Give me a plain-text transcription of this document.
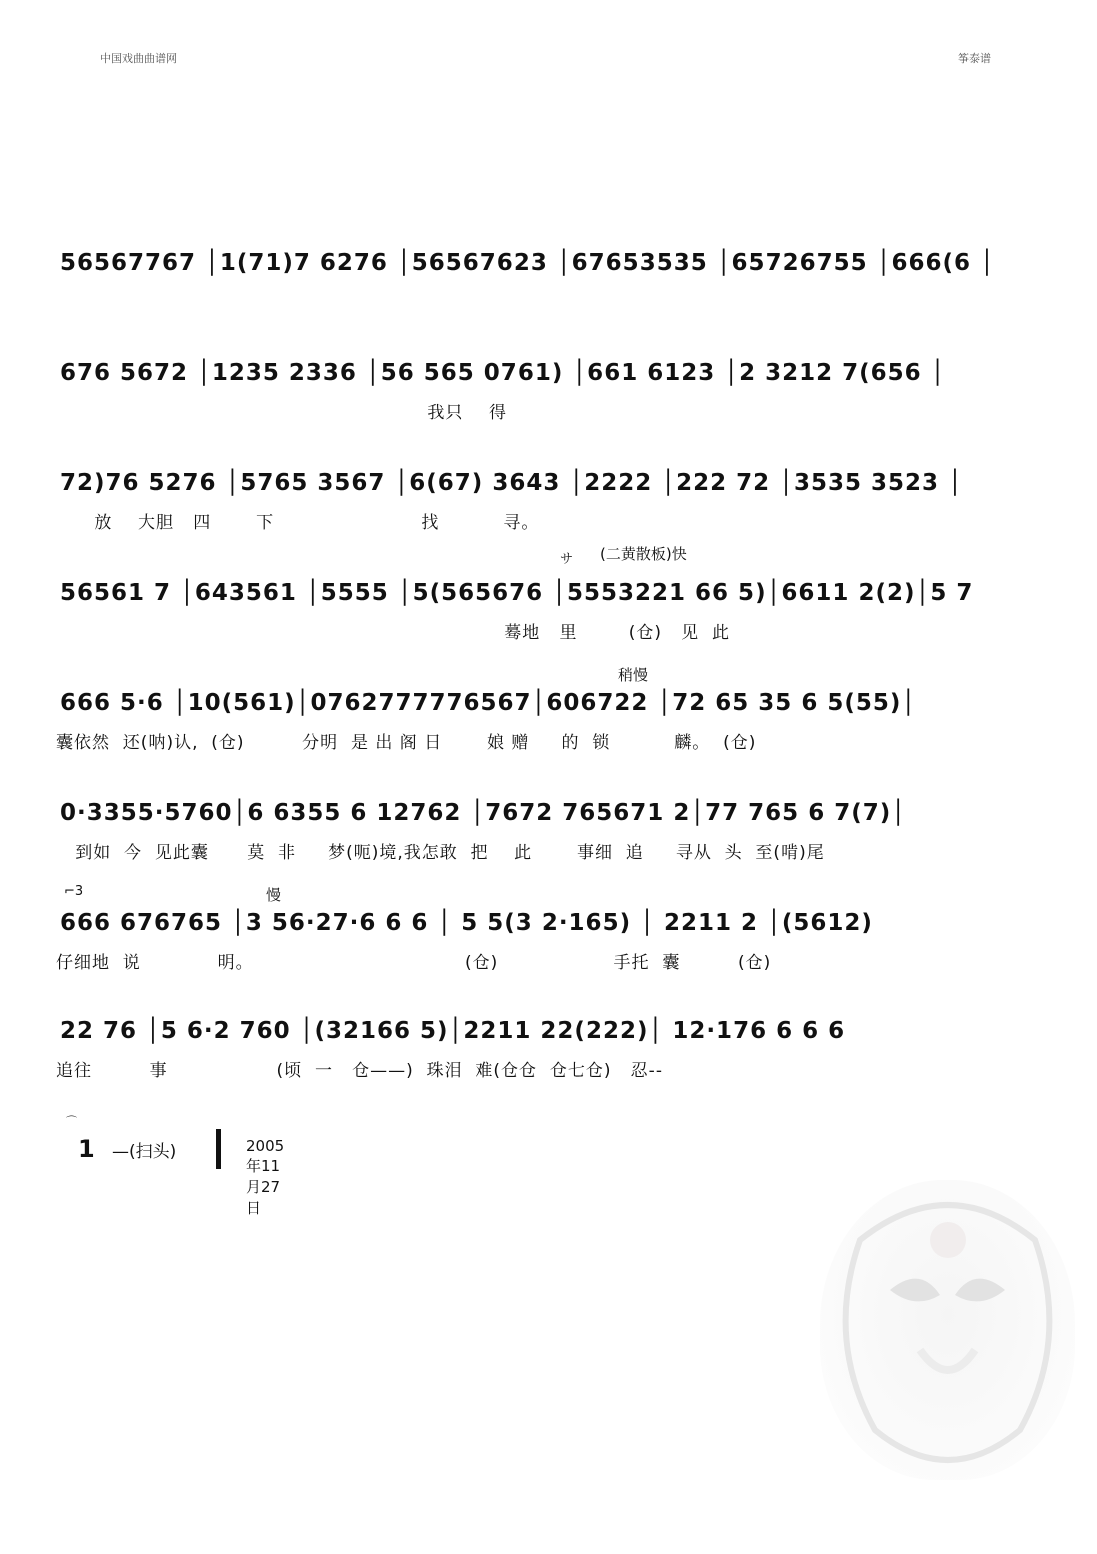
中国戏曲曲谱网	筝泰谱
56567767 │1(71)7 6276 │56567623 │67653535 │65726755 │666(6 │
676 5672 │1235 2336 │56 565 0761) │661 6123 │2 3212 7(656 │
我只    得
72)76 5276 │5765 3567 │6(67) 3643 │2222 │222 72 │3535 3523 │
放    大胆   四       下                       找          寻。
56561 7 │643561 │5555 │5(565676 │5553221 66 5)│6611 2(2)│5 7
蓦地   里        (仓)   见  此
666 5·6 │10(561)│0762777776567│606722 │72 65 35 6 5(55)│
囊依然  还(呐)认,  (仓)         分明  是 出 阁 日       娘 赠     的  锁          麟。  (仓)
0·3355·5760│6 6355 6 12762 │7672 765671 2│77 765 6 7(7)│
到如  今  见此囊      莫  非     梦(呃)境,我怎敢  把    此       事细  追     寻从  头  至(啃)尾
666 676765 │3 56·27·6 6 6 │ 5 5(3 2·165) │ 2211 2 │(5612)
仔细地  说            明。                                 (仓)                  手托  囊         (仓)
22 76 │5 6·2 760 │(32166 5)│2211 22(222)│ 12·176 6 6 6
追往         事                 (顷  一   仓——)  珠泪  难(仓仓  仓七仓)   忍--
(二黄散板)快
サ
稍慢
慢
⌐3
⌒
1 —(扫头)	2005年11月27日
